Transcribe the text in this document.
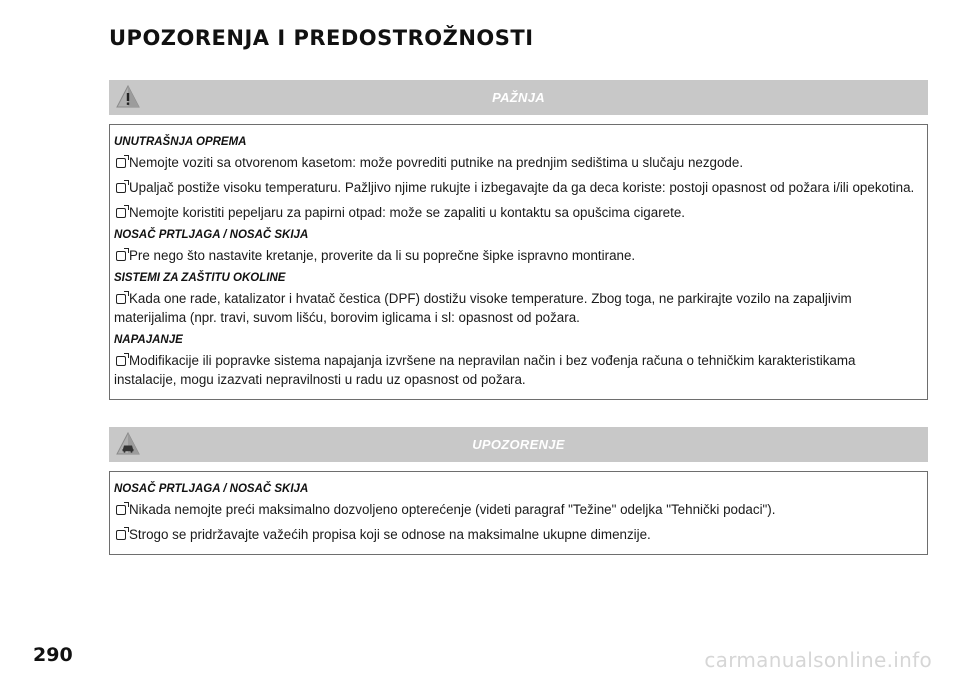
UPOZORENJA I PREDOSTROŽNOSTI
PAŽNJA
UNUTRAŠNJA OPREMA
Nemojte voziti sa otvorenom kasetom: može povrediti putnike na prednjim sedištima u slučaju nezgode.
Upaljač postiže visoku temperaturu. Pažljivo njime rukujte i izbegavajte da ga deca koriste: postoji opasnost od požara i/ili opekotina.
Nemojte koristiti pepeljaru za papirni otpad: može se zapaliti u kontaktu sa opušcima cigarete.
NOSAČ PRTLJAGA / NOSAČ SKIJA
Pre nego što nastavite kretanje, proverite da li su poprečne šipke ispravno montirane.
SISTEMI ZA ZAŠTITU OKOLINE
Kada one rade, katalizator i hvatač čestica (DPF) dostižu visoke temperature. Zbog toga, ne parkirajte vozilo na zapaljivim materijalima (npr. travi, suvom lišću, borovim iglicama i sl: opasnost od požara.
NAPAJANJE
Modifikacije ili popravke sistema napajanja izvršene na nepravilan način i bez vođenja računa o tehničkim karakteristikama instalacije, mogu izazvati nepravilnosti u radu uz opasnost od požara.
UPOZORENJE
NOSAČ PRTLJAGA / NOSAČ SKIJA
Nikada nemojte preći maksimalno dozvoljeno opterećenje (videti paragraf "Težine" odeljka "Tehnički podaci").
Strogo se pridržavajte važećih propisa koji se odnose na maksimalne ukupne dimenzije.
290	carmanualsonline.info
